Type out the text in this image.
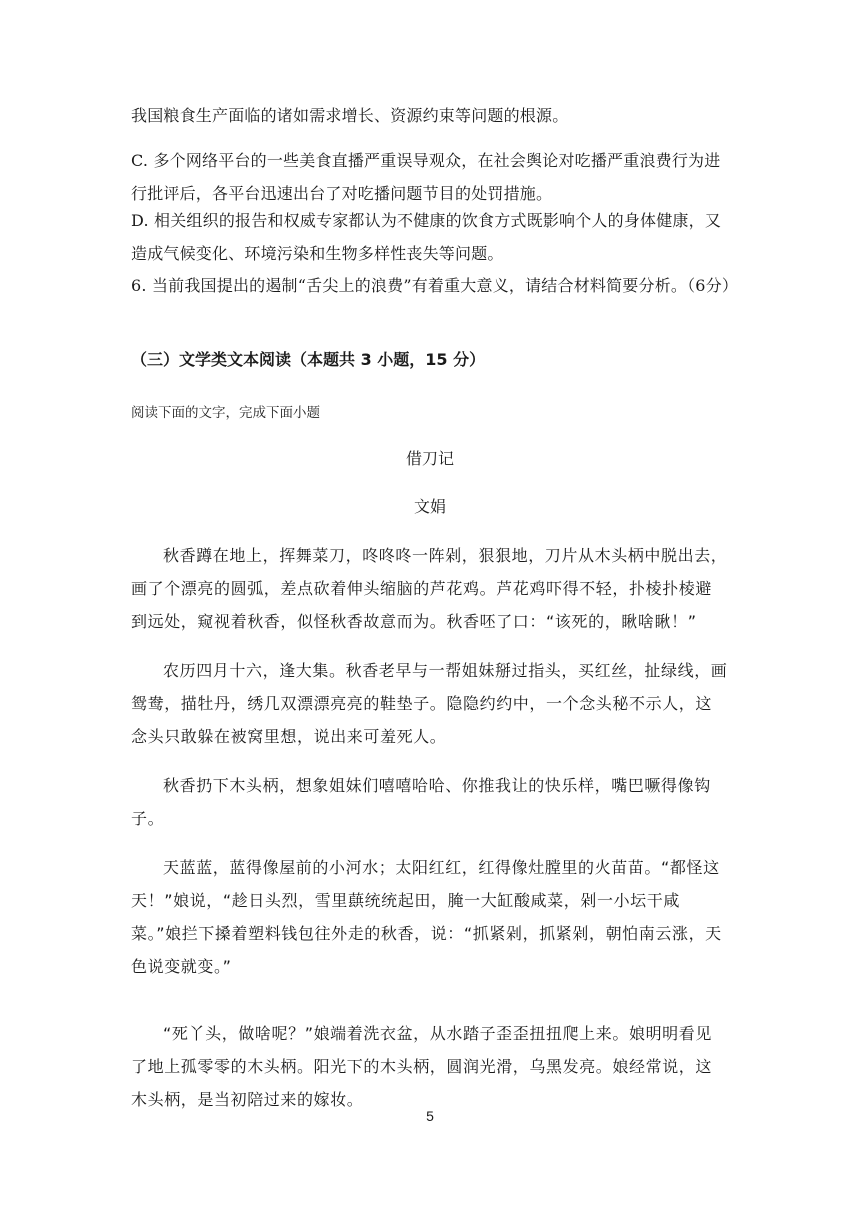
我国粮食生产面临的诸如需求增长、资源约束等问题的根源。

C. 多个网络平台的一些美食直播严重误导观众，在社会舆论对吃播严重浪费行为进行批评后，各平台迅速出台了对吃播问题节目的处罚措施。

D. 相关组织的报告和权威专家都认为不健康的饮食方式既影响个人的身体健康，又造成气候变化、环境污染和生物多样性丧失等问题。

6. 当前我国提出的遏制“舌尖上的浪费”有着重大意义，请结合材料简要分析。（6分）

（三）文学类文本阅读（本题共 3 小题，15 分）

阅读下面的文字，完成下面小题

借刀记

文娟

秋香蹲在地上，挥舞菜刀，咚咚咚一阵剁，狠狠地，刀片从木头柄中脱出去，画了个漂亮的圆弧，差点砍着伸头缩脑的芦花鸡。芦花鸡吓得不轻，扑棱扑棱避到远处，窥视着秋香，似怪秋香故意而为。秋香呸了口：“该死的，瞅啥瞅！”

农历四月十六，逢大集。秋香老早与一帮姐妹掰过指头，买红丝，扯绿线，画鸳鸯，描牡丹，绣几双漂漂亮亮的鞋垫子。隐隐约约中，一个念头秘不示人，这念头只敢躲在被窝里想，说出来可羞死人。

秋香扔下木头柄，想象姐妹们嘻嘻哈哈、你推我让的快乐样，嘴巴噘得像钩子。

天蓝蓝，蓝得像屋前的小河水；太阳红红，红得像灶膛里的火苗苗。“都怪这天！”娘说，“趁日头烈，雪里蕻统统起田，腌一大缸酸咸菜，剁一小坛干咸菜。”娘拦下搡着塑料钱包往外走的秋香，说：“抓紧剁，抓紧剁，朝怕南云涨，天色说变就变。”

“死丫头，做啥呢？”娘端着洗衣盆，从水踏子歪歪扭扭爬上来。娘明明看见了地上孤零零的木头柄。阳光下的木头柄，圆润光滑，乌黑发亮。娘经常说，这木头柄，是当初陪过来的嫁妆。

5
